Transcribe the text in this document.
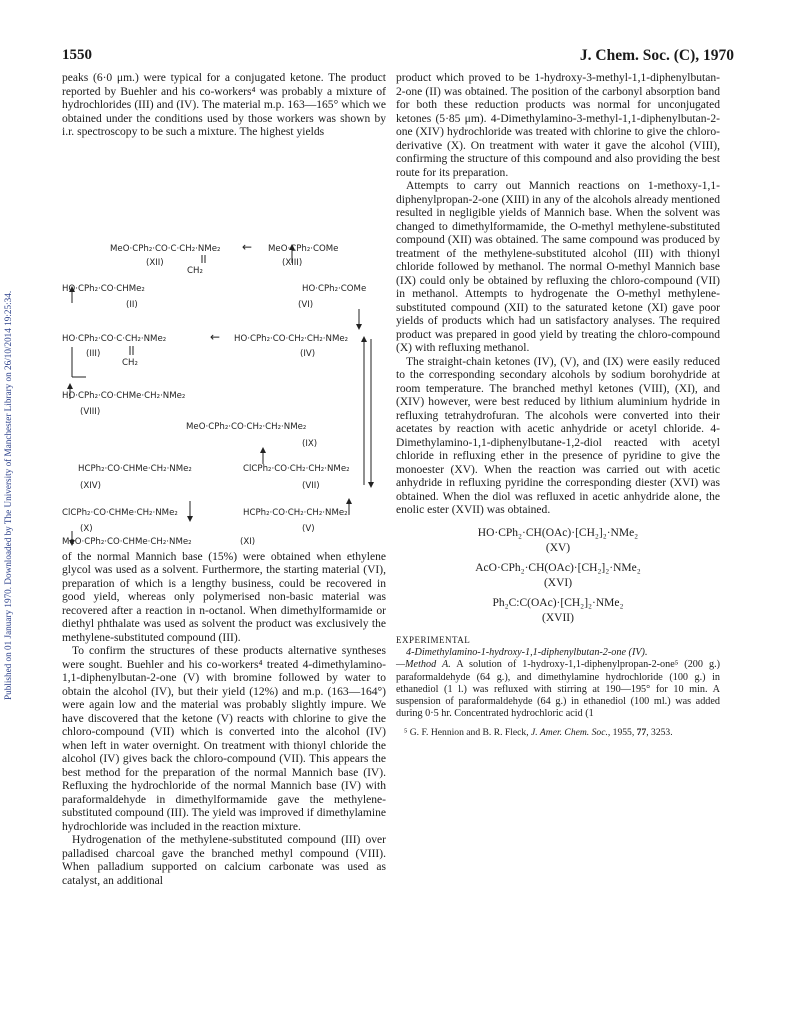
Published on 01 January 1970. Downloaded by The University of Manchester Library on 26/10/2014 19:25:34.
1550	J. Chem. Soc. (C), 1970

peaks (6·0 μm.) were typical for a conjugated ketone. The product reported by Buehler and his co-workers⁴ was probably a mixture of hydrochlorides (III) and (IV). The material m.p. 163—165° which we obtained under the conditions used by those workers was shown by i.r. spectroscopy to be such a mixture. The highest yields

MeO·CPh₂·CO·C·CH₂·NMe₂ ← MeO·CPh₂·COMe
(XII)
CH₂
(XIII)
HO·CPh₂·CO·CHMe₂	HO·CPh₂·COMe
(II)	(VI)
HO·CPh₂·CO·C·CH₂·NMe₂	← HO·CPh₂·CO·CH₂·CH₂·NMe₂
(III)
CH₂
(IV)
HO·CPh₂·CO·CHMe·CH₂·NMe₂
(VIII)
MeO·CPh₂·CO·CH₂·CH₂·NMe₂
(IX)
HCPh₂·CO·CHMe·CH₂·NMe₂	ClCPh₂·CO·CH₂·CH₂·NMe₂
(XIV)	(VII)
ClCPh₂·CO·CHMe·CH₂·NMe₂	HCPh₂·CO·CH₂·CH₂·NMe₂
(X)	(V)
MeO·CPh₂·CO·CHMe·CH₂·NMe₂	(XI)

of the normal Mannich base (15%) were obtained when ethylene glycol was used as a solvent. Furthermore, the starting material (VI), preparation of which is a lengthy business, could be recovered in good yield, whereas only polymerised non-basic material was recovered after a reaction in n-octanol. When dimethylformamide or diethyl phthalate was used as solvent the product was exclusively the methylene-substituted compound (III).

To confirm the structures of these products alternative syntheses were sought. Buehler and his co-workers⁴ treated 4-dimethylamino-1,1-diphenylbutan-2-one (V) with bromine followed by water to obtain the alcohol (IV), but their yield (12%) and m.p. (163—164°) were again low and the material was probably slightly impure. We have discovered that the ketone (V) reacts with chlorine to give the chloro-compound (VII) which is converted into the alcohol (IV) when left in water overnight. On treatment with thionyl chloride the alcohol (IV) gives back the chloro-compound (VII). This appears the best method for the preparation of the normal Mannich base (IV). Refluxing the hydrochloride of the normal Mannich base (IV) with paraformaldehyde in dimethylformamide gave the methylene-substituted compound (III). The yield was improved if dimethylamine hydrochloride was included in the reaction mixture.

Hydrogenation of the methylene-substituted compound (III) over palladised charcoal gave the branched methyl compound (VIII). When palladium supported on calcium carbonate was used as catalyst, an additional

product which proved to be 1-hydroxy-3-methyl-1,1-diphenylbutan-2-one (II) was obtained. The position of the carbonyl absorption band for both these reduction products was normal for unconjugated ketones (5·85 μm). 4-Dimethylamino-3-methyl-1,1-diphenylbutan-2-one (XIV) hydrochloride was treated with chlorine to give the chloro-derivative (X). On treatment with water it gave the alcohol (VIII), confirming the structure of this compound and also providing the best route for its preparation.

Attempts to carry out Mannich reactions on 1-methoxy-1,1-diphenylpropan-2-one (XIII) in any of the alcohols already mentioned resulted in negligible yields of Mannich base. When the solvent was changed to dimethylformamide, the O-methyl methylene-substituted compound (XII) was obtained. The same compound was produced by treatment of the methylene-substituted alcohol (III) with thionyl chloride followed by methanol. The normal O-methyl Mannich base (IX) could only be obtained by refluxing the chloro-compound (VII) in methanol. Attempts to hydrogenate the O-methyl methylene-substituted compound (XII) to the saturated ketone (XI) gave poor yields of products which had un satisfactory analyses. The required product was prepared in good yield by treating the chloro-compound (X) with refluxing methanol.

The straight-chain ketones (IV), (V), and (IX) were easily reduced to the corresponding secondary alcohols by sodium borohydride at room temperature. The branched methyl ketones (VIII), (XI), and (XIV) however, were best reduced by lithium aluminium hydride in refluxing tetrahydrofuran. The alcohols were converted into their acetates by reaction with acetic anhydride or acetyl chloride. 4-Dimethylamino-1,1-diphenylbutane-1,2-diol reacted with acetyl chloride in refluxing ether in the presence of pyridine to give the monoester (XV). When the reaction was carried out with acetic anhydride in refluxing pyridine the corresponding diester (XVI) was obtained. When the diol was refluxed in acetic anhydride alone, the enolic ester (XVII) was obtained.

HO·CPh₂·CH(OAc)·[CH₂]₂·NMe₂

(XV)

AcO·CPh₂·CH(OAc)·[CH₂]₂·NMe₂

(XVI)

Ph₂C:C(OAc)·[CH₂]₂·NMe₂

(XVII)

EXPERIMENTAL

4-Dimethylamino-1-hydroxy-1,1-diphenylbutan-2-one (IV).
—Method A. A solution of 1-hydroxy-1,1-diphenylpropan-2-one⁵ (200 g.) paraformaldehyde (64 g.), and dimethylamine hydrochloride (100 g.) in ethanediol (1 l.) was refluxed with stirring at 190—195° for 10 min. A suspension of paraformaldehyde (64 g.) in ethanediol (100 ml.) was added during 0·5 hr. Concentrated hydrochloric acid (1

⁵ G. F. Hennion and B. R. Fleck, J. Amer. Chem. Soc., 1955, 77, 3253.
